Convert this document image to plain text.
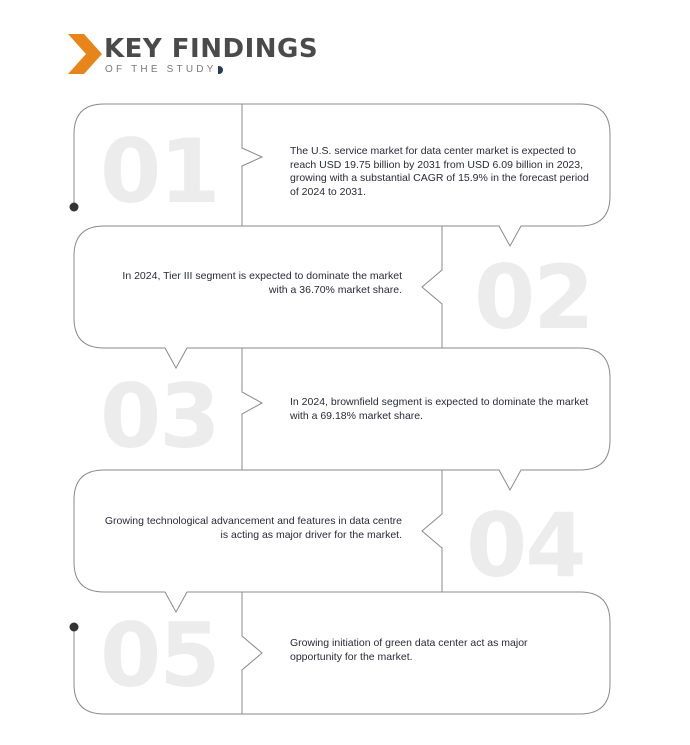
KEY FINDINGS
OF THE STUDY
01
02
03
04
05
The U.S. service market for data center market is expected to reach USD 19.75 billion by 2031 from USD 6.09 billion in 2023, growing with a substantial CAGR of 15.9% in the forecast period of 2024 to 2031.
In 2024, Tier III segment is expected to dominate the market with a 36.70% market share.
In 2024, brownfield segment is expected to dominate the market with a 69.18% market share.
Growing technological advancement and features in data centre is acting as major driver for the market.
Growing initiation of green data center act as major opportunity for the market.
